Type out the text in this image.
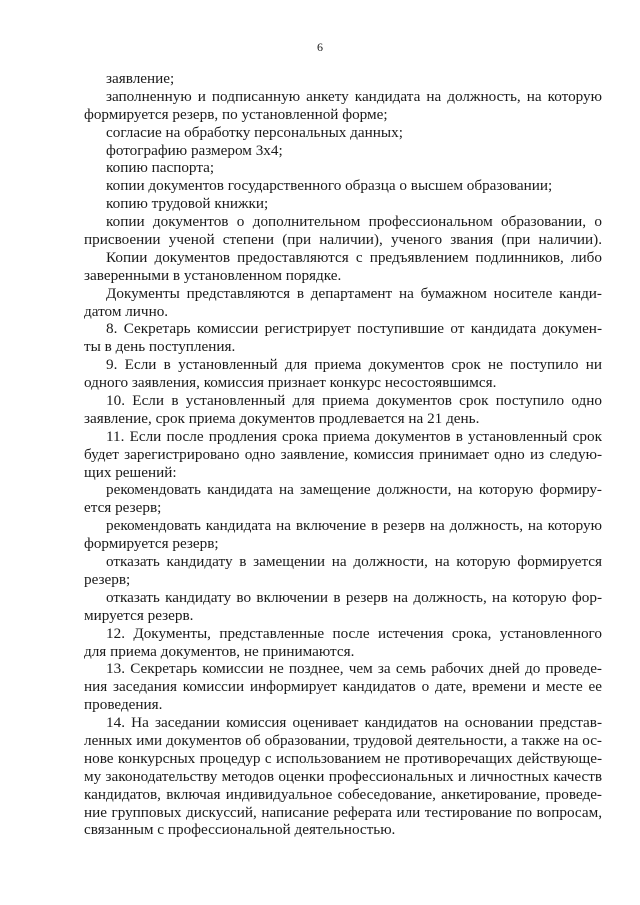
6
заявление;
заполненную и подписанную анкету кандидата на должность, на которую
формируется резерв, по установленной форме;
согласие на обработку персональных данных;
фотографию размером 3х4;
копию паспорта;
копии документов государственного образца о высшем образовании;
копию трудовой книжки;
копии документов о дополнительном профессиональном образовании, о
присвоении ученой степени (при наличии), ученого звания (при наличии).
Копии документов предоставляются с предъявлением подлинников, либо
заверенными в установленном порядке.
Документы представляются в департамент на бумажном носителе канди-
датом лично.
8. Секретарь комиссии регистрирует поступившие от кандидата докумен-
ты в день поступления.
9. Если в установленный для приема документов срок не поступило ни
одного заявления, комиссия признает конкурс несостоявшимся.
10. Если в установленный для приема документов срок поступило одно
заявление, срок приема документов продлевается на 21 день.
11. Если после продления срока приема документов в установленный срок
будет зарегистрировано одно заявление, комиссия принимает одно из следую-
щих решений:
рекомендовать кандидата на замещение должности, на которую формиру-
ется резерв;
рекомендовать кандидата на включение в резерв на должность, на которую
формируется резерв;
отказать кандидату в замещении на должности, на которую формируется
резерв;
отказать кандидату во включении в резерв на должность, на которую фор-
мируется резерв.
12. Документы, представленные после истечения срока, установленного
для приема документов, не принимаются.
13. Секретарь комиссии не позднее, чем за семь рабочих дней до проведе-
ния заседания комиссии информирует кандидатов о дате, времени и месте ее
проведения.
14. На заседании комиссия оценивает кандидатов на основании представ-
ленных ими документов об образовании, трудовой деятельности, а также на ос-
нове конкурсных процедур с использованием не противоречащих действующе-
му законодательству методов оценки профессиональных и личностных качеств
кандидатов, включая индивидуальное собеседование, анкетирование, проведе-
ние групповых дискуссий, написание реферата или тестирование по вопросам,
связанным с профессиональной деятельностью.
